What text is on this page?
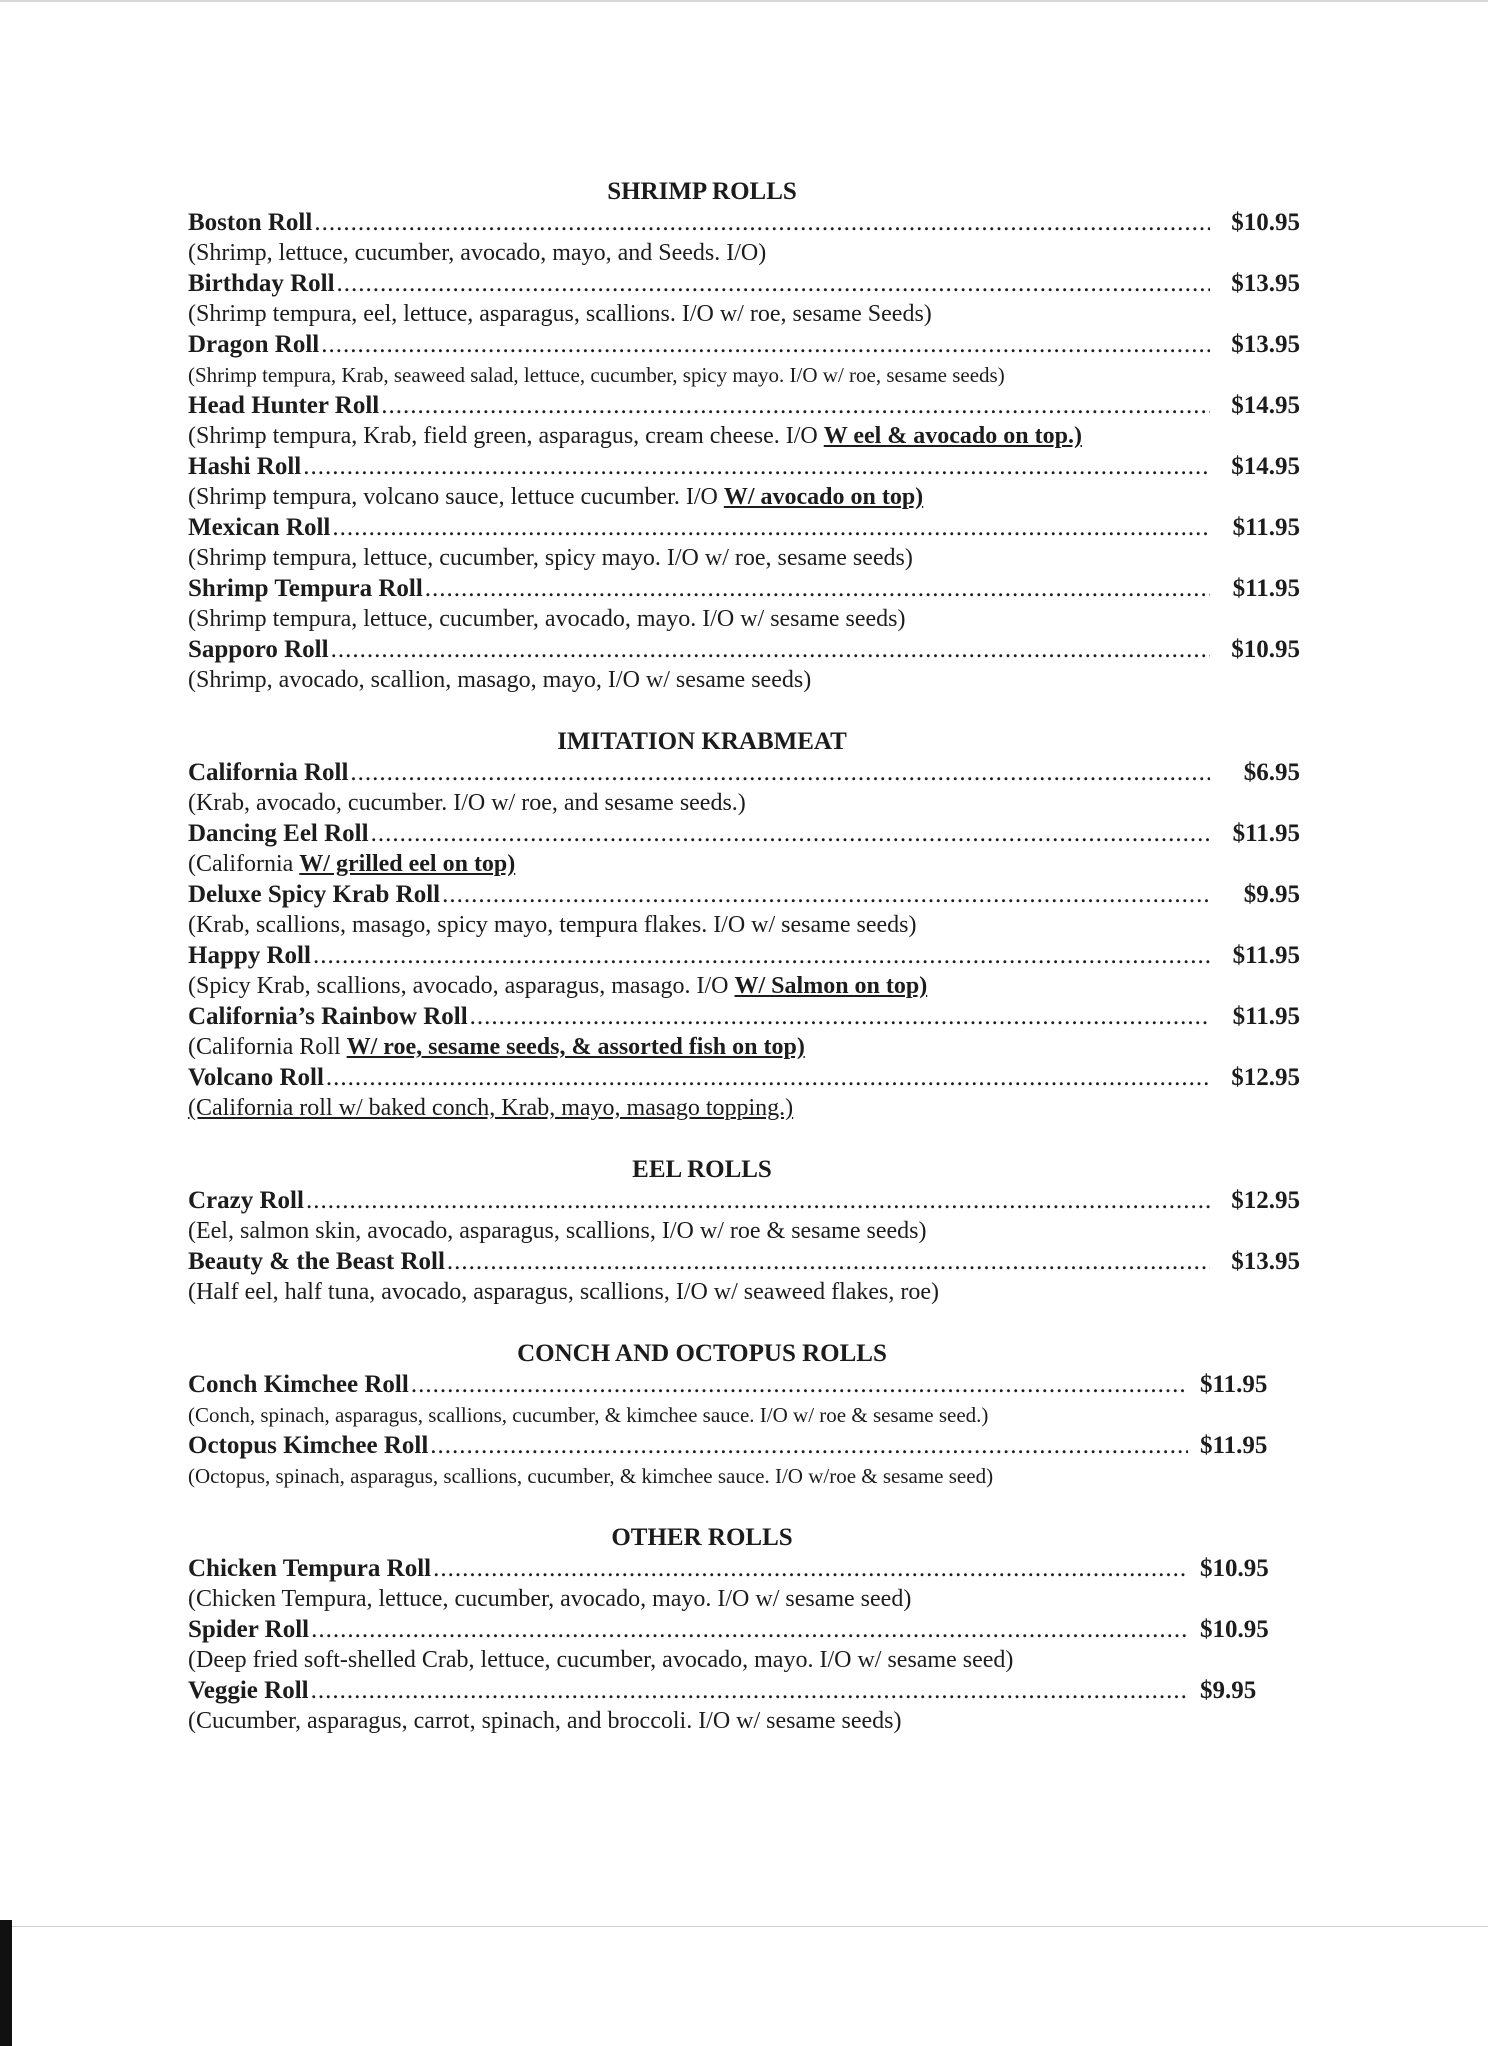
SHRIMP ROLLS
Boston Roll .....	$10.95
(Shrimp, lettuce, cucumber, avocado, mayo, and Seeds. I/O)
Birthday Roll .....	$13.95
(Shrimp tempura, eel, lettuce, asparagus, scallions. I/O w/ roe, sesame Seeds)
Dragon Roll .....	$13.95
(Shrimp tempura, Krab, seaweed salad, lettuce, cucumber, spicy mayo. I/O w/ roe, sesame seeds)
Head Hunter Roll .....	$14.95
(Shrimp tempura, Krab, field green, asparagus, cream cheese. I/O W eel & avocado on top.)
Hashi Roll .....	$14.95
(Shrimp tempura, volcano sauce, lettuce cucumber. I/O W/ avocado on top)
Mexican Roll .....	$11.95
(Shrimp tempura, lettuce, cucumber, spicy mayo. I/O w/ roe, sesame seeds)
Shrimp Tempura Roll .....	$11.95
(Shrimp tempura, lettuce, cucumber, avocado, mayo. I/O w/ sesame seeds)
Sapporo Roll .....	$10.95
(Shrimp, avocado, scallion, masago, mayo, I/O w/ sesame seeds)
IMITATION KRABMEAT
California Roll .....	$6.95
(Krab, avocado, cucumber. I/O w/ roe, and sesame seeds.)
Dancing Eel Roll .....	$11.95
(California W/ grilled eel on top)
Deluxe Spicy Krab Roll .....	$9.95
(Krab, scallions, masago, spicy mayo, tempura flakes. I/O w/ sesame seeds)
Happy Roll .....	$11.95
(Spicy Krab, scallions, avocado, asparagus, masago. I/O W/ Salmon on top)
California’s Rainbow Roll .....	$11.95
(California Roll W/ roe, sesame seeds, & assorted fish on top)
Volcano Roll .....	$12.95
(California roll w/ baked conch, Krab, mayo, masago topping.)
EEL ROLLS
Crazy Roll .....	$12.95
(Eel, salmon skin, avocado, asparagus, scallions, I/O w/ roe & sesame seeds)
Beauty & the Beast Roll .....	$13.95
(Half eel, half tuna, avocado, asparagus, scallions, I/O w/ seaweed flakes, roe)
CONCH AND OCTOPUS ROLLS
Conch Kimchee Roll .....	$11.95
(Conch, spinach, asparagus, scallions, cucumber, & kimchee sauce. I/O w/ roe & sesame seed.)
Octopus Kimchee Roll .....	$11.95
(Octopus, spinach, asparagus, scallions, cucumber, & kimchee sauce. I/O w/roe & sesame seed)
OTHER ROLLS
Chicken Tempura Roll .....	$10.95
(Chicken Tempura, lettuce, cucumber, avocado, mayo. I/O w/ sesame seed)
Spider Roll .....	$10.95
(Deep fried soft-shelled Crab, lettuce, cucumber, avocado, mayo. I/O w/ sesame seed)
Veggie Roll .....	$9.95
(Cucumber, asparagus, carrot, spinach, and broccoli. I/O w/ sesame seeds)
